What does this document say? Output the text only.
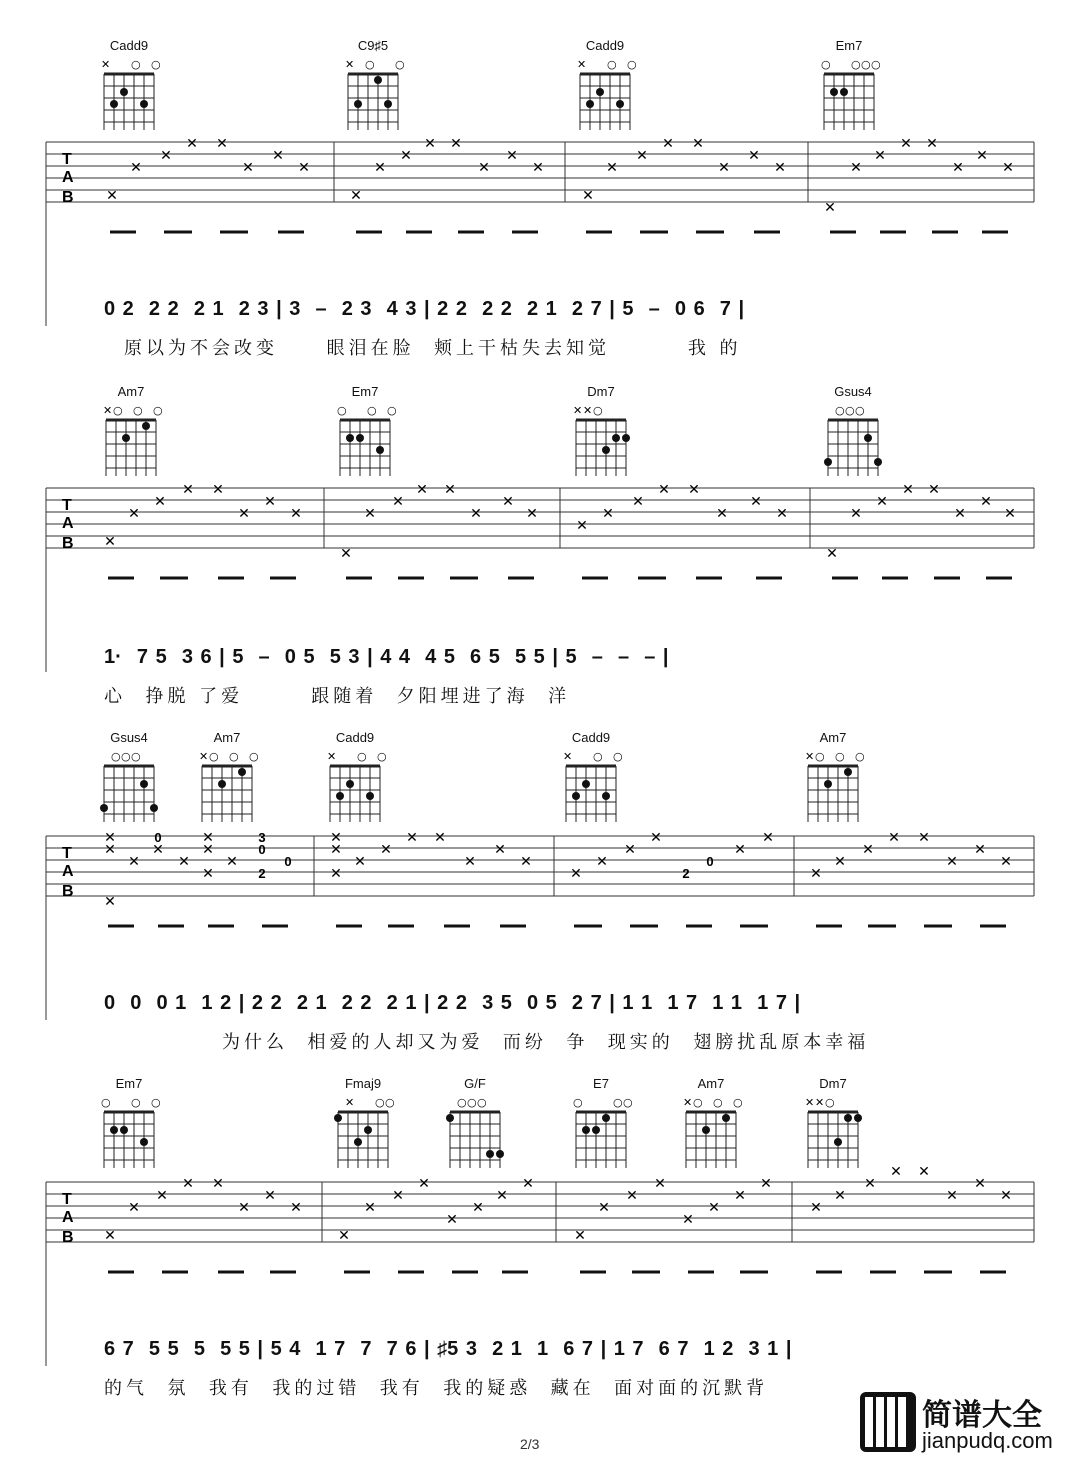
Cadd9
✕ ○ ○
C9♯5
✕ ○ ○
Cadd9
✕ ○ ○
Em7
○ ○ ○ ○
T
A
B ✕
✕
✕
✕ ✕
✕
✕
✕
✕
✕
✕
✕ ✕
✕
✕
✕
✕
✕
✕
✕ ✕
✕
✕
✕
✕
✕
✕
✕ ✕
✕
✕
✕
0 2  2 2  2 1  2 3 | 3  –  2 3  4 3 | 2 2  2 2  2 1  2 7 | 5  –  0 6  7 |
原以为不会改变     眼泪在脸  颊上干枯失去知觉        我 的
Am7
✕ ○ ○ ○
Em7
○ ○ ○
Dm7
✕ ✕ ○
Gsus4
○ ○ ○
T
A
B ✕
✕
✕
✕ ✕
✕
✕
✕
✕
✕
✕
✕ ✕
✕
✕
✕
✕
✕
✕
✕ ✕
✕
✕
✕
✕
✕
✕
✕ ✕
✕
✕
✕
1·  7 5  3 6 | 5  –  0 5  5 3 | 4 4  4 5  6 5  5 5 | 5  –  –  – |
心  挣脱 了爱       跟随着  夕阳埋进了海  洋
Gsus4
○ ○ ○
Am7
✕ ○ ○ ○
Cadd9
✕ ○ ○
Cadd9
✕ ○ ○
Am7
✕ ○ ○ ○
T
A
B
✕
✕
✕
✕
✕
✕
✕
✕
✕
✕
✕
✕
✕
✕
✕
✕ ✕
✕
✕
✕
✕
✕
✕
✕
✕
✕
✕
✕
✕
✕ ✕
✕
✕
✕
0	3
0
2
0
2
0
0  0  0 1  1 2 | 2 2  2 1  2 2  2 1 | 2 2  3 5  0 5  2 7 | 1 1  1 7  1 1  1 7 |
为什么  相爱的人却又为爱  而纷  争  现实的  翅膀扰乱原本幸福
Em7
○ ○ ○
Fmaj9
✕ ○ ○
G/F
○ ○ ○
E7
○	○ ○
Am7
✕ ○ ○ ○
Dm7
✕ ✕ ○
T
A
B ✕
✕
✕
✕ ✕
✕
✕
✕
✕
✕
✕
✕
✕
✕
✕
✕
✕
✕
✕
✕
✕
✕
✕
✕
✕
✕
✕
✕ ✕
✕
✕
✕
6 7  5 5  5  5 5 | 5 4  1 7  7  7 6 | ♯5 3  2 1  1  6 7 | 1 7  6 7  1 2  3 1 |
的气  氛  我有  我的过错  我有  我的疑惑  藏在  面对面的沉默背
2/3
简谱大全
jianpudq.com
